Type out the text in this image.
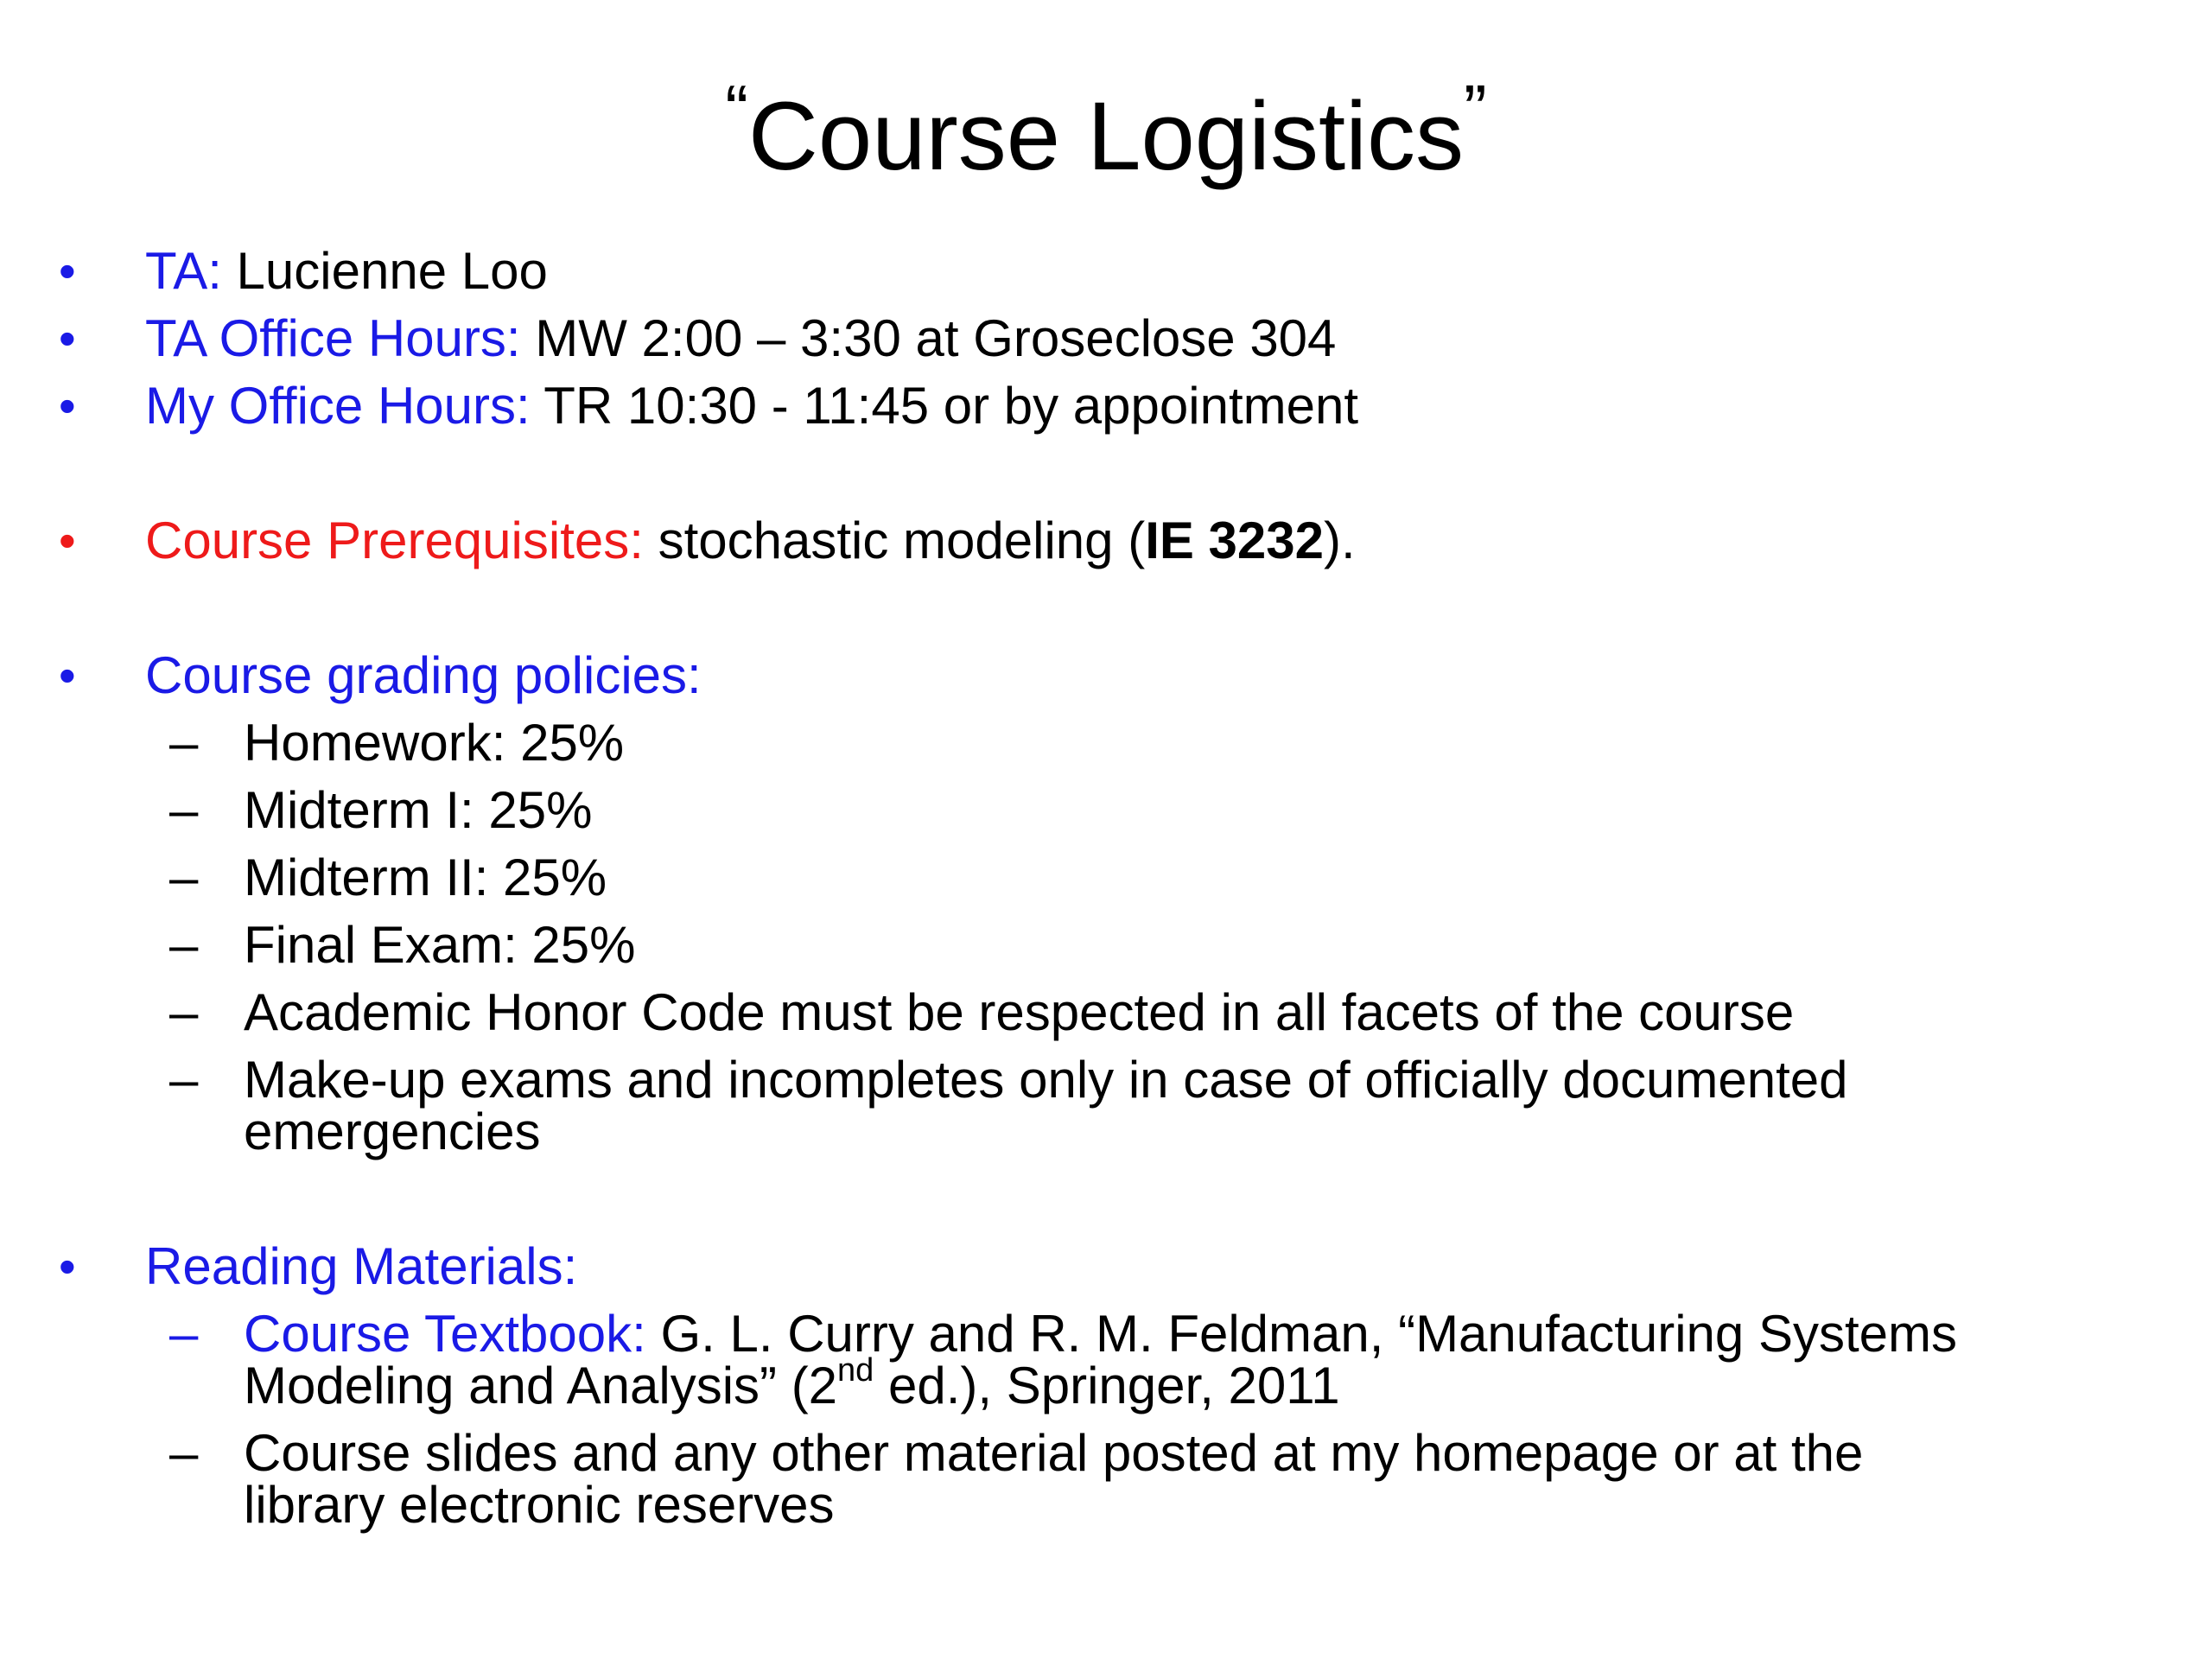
“Course Logistics”
• TA: Lucienne Loo
• TA Office Hours: MW 2:00 – 3:30 at Groseclose 304
• My Office Hours: TR 10:30 - 11:45 or by appointment
• Course Prerequisites: stochastic modeling (IE 3232).
• Course grading policies:
– Homework: 25%
– Midterm I: 25%
– Midterm II: 25%
– Final Exam: 25%
– Academic Honor Code must be respected in all facets of the course
– Make-up exams and incompletes only in case of officially documented
emergencies
• Reading Materials:
– Course Textbook: G. L. Curry and R. M. Feldman, “Manufacturing Systems
Modeling and Analysis” (2nd ed.), Springer, 2011
– Course slides and any other material posted at my homepage or at the
library electronic reserves
